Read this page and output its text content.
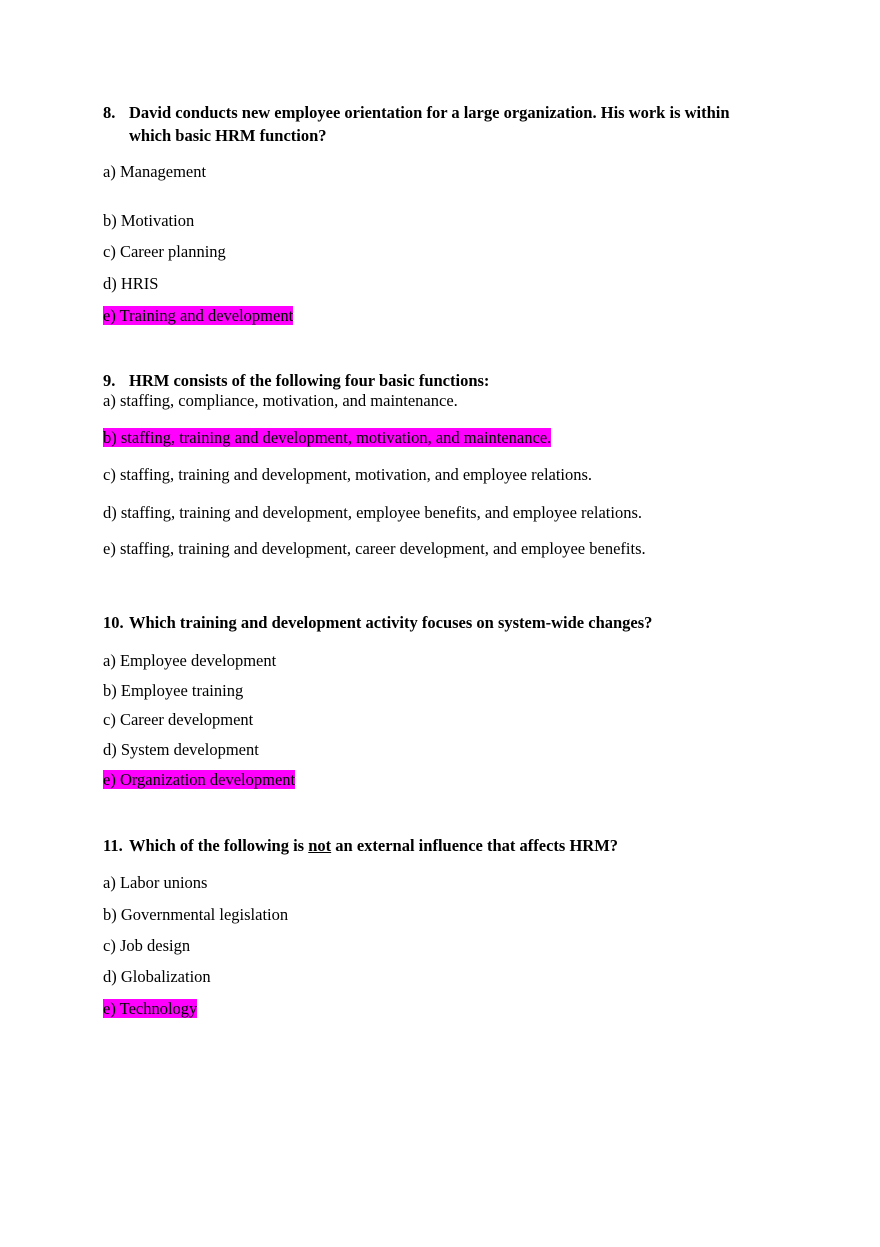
8. David conducts new employee orientation for a large organization. His work is within
which basic HRM function?
a) Management
b) Motivation
c) Career planning
d) HRIS
e) Training and development
9. HRM consists of the following four basic functions:
a) staffing, compliance, motivation, and maintenance.
b) staffing, training and development, motivation, and maintenance.
c) staffing, training and development, motivation, and employee relations.
d) staffing, training and development, employee benefits, and employee relations.
e) staffing, training and development, career development, and employee benefits.
10. Which training and development activity focuses on system-wide changes?
a) Employee development
b) Employee training
c) Career development
d) System development
e) Organization development
11. Which of the following is not an external influence that affects HRM?
a) Labor unions
b) Governmental legislation
c) Job design
d) Globalization
e) Technology
